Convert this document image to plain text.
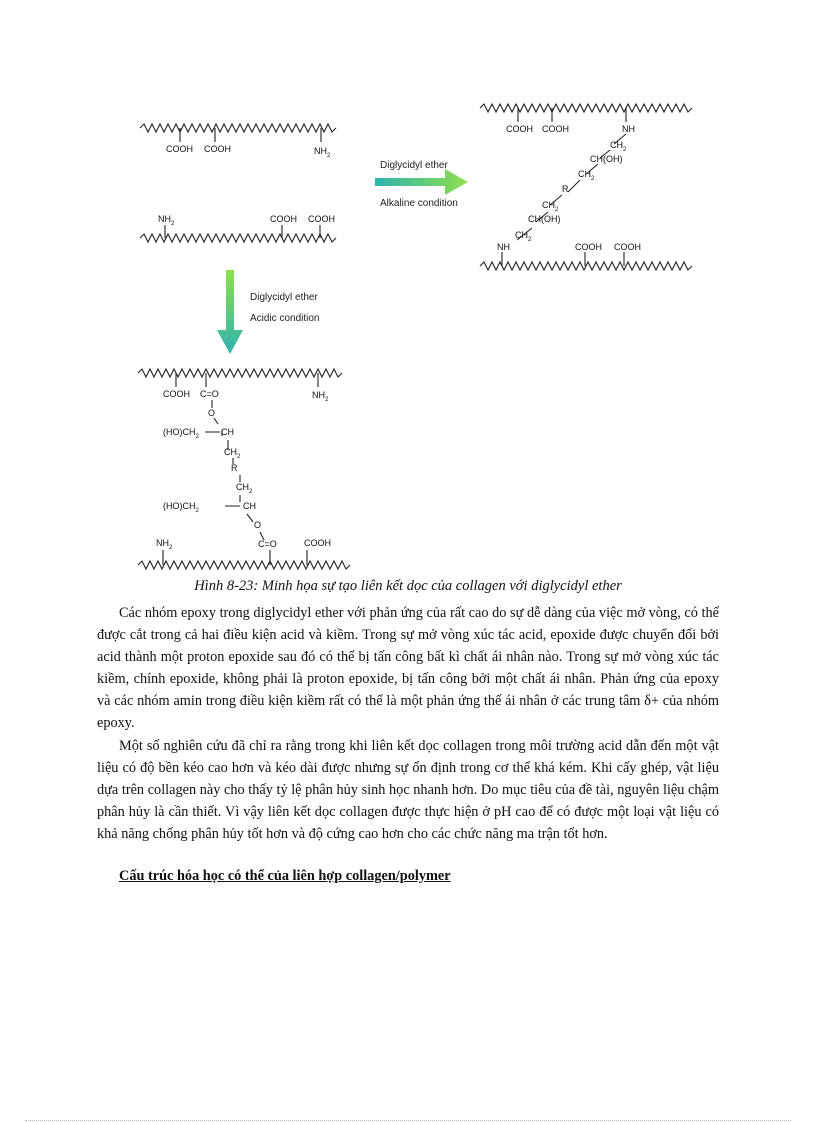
COOH COOH	$NH_2$
$NH_2$	COOH COOH
COOH COOH	NH
$CH_2$
CH(OH)
$CH_2$
R
$CH_2$
CH(OH)
$CH_2$
NH	COOH COOH
COOH C=O	$NH_2$
O
$(HO)CH_2$ CH
$CH_2$
R
$CH_2$
$(HO)CH_2$	CH
O
C=O
$NH_2$	COOH
Diglycidyl ether
Alkaline condition
Diglycidyl ether
Acidic condition
Hình 8-23: Minh họa sự tạo liên kết dọc của collagen với diglycidyl ether

Các nhóm epoxy trong diglycidyl ether với phản ứng của rất cao do sự dễ dàng của việc mở vòng, có thể được cắt trong cả hai điều kiện acid và kiềm. Trong sự mở vòng xúc tác acid, epoxide được chuyển đổi bởi acid thành một proton epoxide sau đó có thể bị tấn công bất kì chất ái nhân nào. Trong sự mở vòng xúc tác kiềm, chính epoxide, không phải là proton epoxide, bị tấn công bởi một chất ái nhân. Phản ứng của epoxy và các nhóm amin trong điều kiện kiềm rất có thể là một phản ứng thế ái nhân ở các trung tâm δ+ của nhóm epoxy.

Một số nghiên cứu đã chỉ ra rằng trong khi liên kết dọc collagen trong môi trường acid dẫn đến một vật liệu có độ bền kéo cao hơn và kéo dài được nhưng sự ổn định trong cơ thể khá kém. Khi cấy ghép, vật liệu dựa trên collagen này cho thấy tỷ lệ phân hủy sinh học nhanh hơn. Do mục tiêu của đề tài, nguyên liệu chậm phân hủy là cần thiết. Vì vậy liên kết dọc collagen được thực hiện ở pH cao để có được một loại vật liệu có khả năng chống phân hủy tốt hơn và độ cứng cao hơn cho các chức năng ma trận tốt hơn.

Cấu trúc hóa học có thể của liên hợp collagen/polymer
